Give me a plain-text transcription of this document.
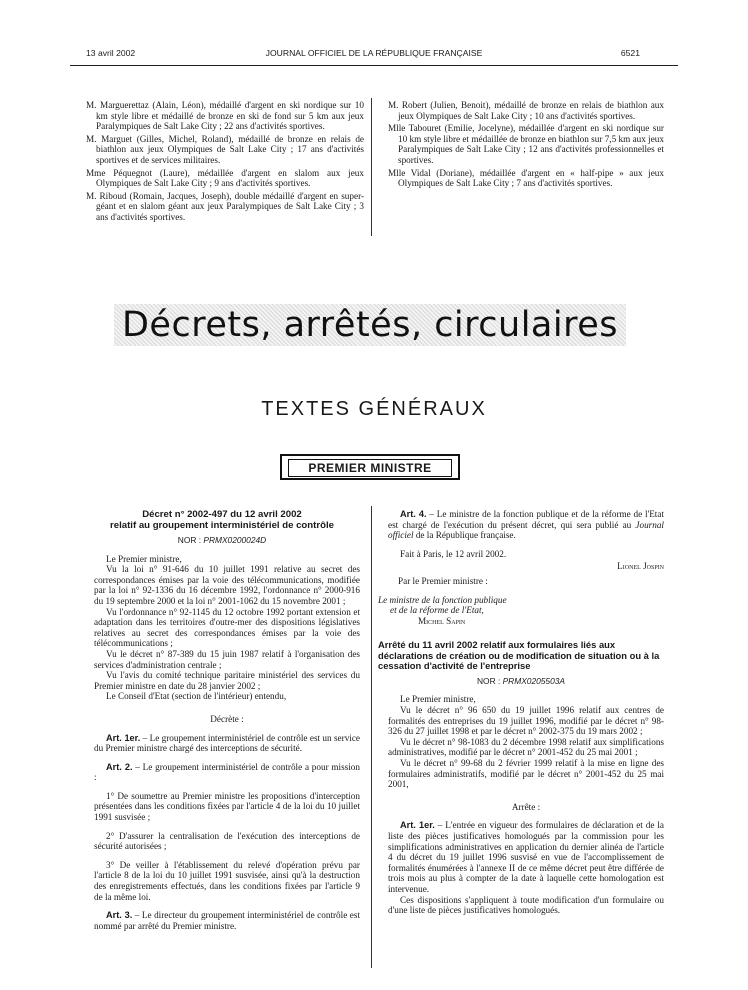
13 avril 2002	JOURNAL OFFICIEL DE LA RÉPUBLIQUE FRANÇAISE	6521

M. Marguerettaz (Alain, Léon), médaillé d'argent en ski nordique sur 10 km style libre et médaillé de bronze en ski de fond sur 5 km aux jeux Paralympiques de Salt Lake City ; 22 ans d'activités sportives.

M. Marguet (Gilles, Michel, Roland), médaillé de bronze en relais de biathlon aux jeux Olympiques de Salt Lake City ; 17 ans d'activités sportives et de services militaires.

Mme Péquegnot (Laure), médaillée d'argent en slalom aux jeux Olympiques de Salt Lake City ; 9 ans d'activités sportives.

M. Riboud (Romain, Jacques, Joseph), double médaillé d'argent en super-géant et en slalom géant aux jeux Paralympiques de Salt Lake City ; 3 ans d'activités sportives.

M. Robert (Julien, Benoit), médaillé de bronze en relais de biathlon aux jeux Olympiques de Salt Lake City ; 10 ans d'activités sportives.

Mlle Tabouret (Emilie, Jocelyne), médaillée d'argent en ski nordique sur 10 km style libre et médaillée de bronze en biathlon sur 7,5 km aux jeux Paralympiques de Salt Lake City ; 12 ans d'activités professionnelles et sportives.

Mlle Vidal (Doriane), médaillée d'argent en « half-pipe » aux jeux Olympiques de Salt Lake City ; 7 ans d'activités sportives.

Décrets, arrêtés, circulaires
TEXTES GÉNÉRAUX
PREMIER MINISTRE
Décret n° 2002-497 du 12 avril 2002
relatif au groupement interministériel de contrôle
NOR : PRMX0200024D

Le Premier ministre,

Vu la loi n° 91-646 du 10 juillet 1991 relative au secret des correspondances émises par la voie des télécommunications, modifiée par la loi n° 92-1336 du 16 décembre 1992, l'ordonnance n° 2000-916 du 19 septembre 2000 et la loi n° 2001-1062 du 15 novembre 2001 ;

Vu l'ordonnance n° 92-1145 du 12 octobre 1992 portant extension et adaptation dans les territoires d'outre-mer des dispositions législatives relatives au secret des correspondances émises par la voie des télécommunications ;

Vu le décret n° 87-389 du 15 juin 1987 relatif à l'organisation des services d'administration centrale ;

Vu l'avis du comité technique paritaire ministériel des services du Premier ministre en date du 28 janvier 2002 ;

Le Conseil d'Etat (section de l'intérieur) entendu,

Décrète :

Art. 1er. – Le groupement interministériel de contrôle est un service du Premier ministre chargé des interceptions de sécurité.

Art. 2. – Le groupement interministériel de contrôle a pour mission :

1° De soumettre au Premier ministre les propositions d'interception présentées dans les conditions fixées par l'article 4 de la loi du 10 juillet 1991 susvisée ;

2° D'assurer la centralisation de l'exécution des interceptions de sécurité autorisées ;

3° De veiller à l'établissement du relevé d'opération prévu par l'article 8 de la loi du 10 juillet 1991 susvisée, ainsi qu'à la destruction des enregistrements effectués, dans les conditions fixées par l'article 9 de la même loi.

Art. 3. – Le directeur du groupement interministériel de contrôle est nommé par arrêté du Premier ministre.

Art. 4. – Le ministre de la fonction publique et de la réforme de l'Etat est chargé de l'exécution du présent décret, qui sera publié au Journal officiel de la République française.

Fait à Paris, le 12 avril 2002.

Lionel Jospin
Par le Premier ministre :
Le ministre de la fonction publique
et de la réforme de l'Etat,
Michel Sapin
Arrêté du 11 avril 2002 relatif aux formulaires liés aux déclarations de création ou de modification de situation ou à la cessation d'activité de l'entreprise
NOR : PRMX0205503A

Le Premier ministre,

Vu le décret n° 96 650 du 19 juillet 1996 relatif aux centres de formalités des entreprises du 19 juillet 1996, modifié par le décret n° 98-326 du 27 juillet 1998 et par le décret n° 2002-375 du 19 mars 2002 ;

Vu le décret n° 98-1083 du 2 décembre 1998 relatif aux simplifications administratives, modifié par le décret n° 2001-452 du 25 mai 2001 ;

Vu le décret n° 99-68 du 2 février 1999 relatif à la mise en ligne des formulaires administratifs, modifié par le décret n° 2001-452 du 25 mai 2001,

Arrête :

Art. 1er. – L'entrée en vigueur des formulaires de déclaration et de la liste des pièces justificatives homologués par la commission pour les simplifications administratives en application du dernier alinéa de l'article 4 du décret du 19 juillet 1996 susvisé en vue de l'accomplissement de formalités énumérées à l'annexe II de ce même décret peut être différée de trois mois au plus à compter de la date à laquelle cette homologation est intervenue.

Ces dispositions s'appliquent à toute modification d'un formulaire ou d'une liste de pièces justificatives homologués.
